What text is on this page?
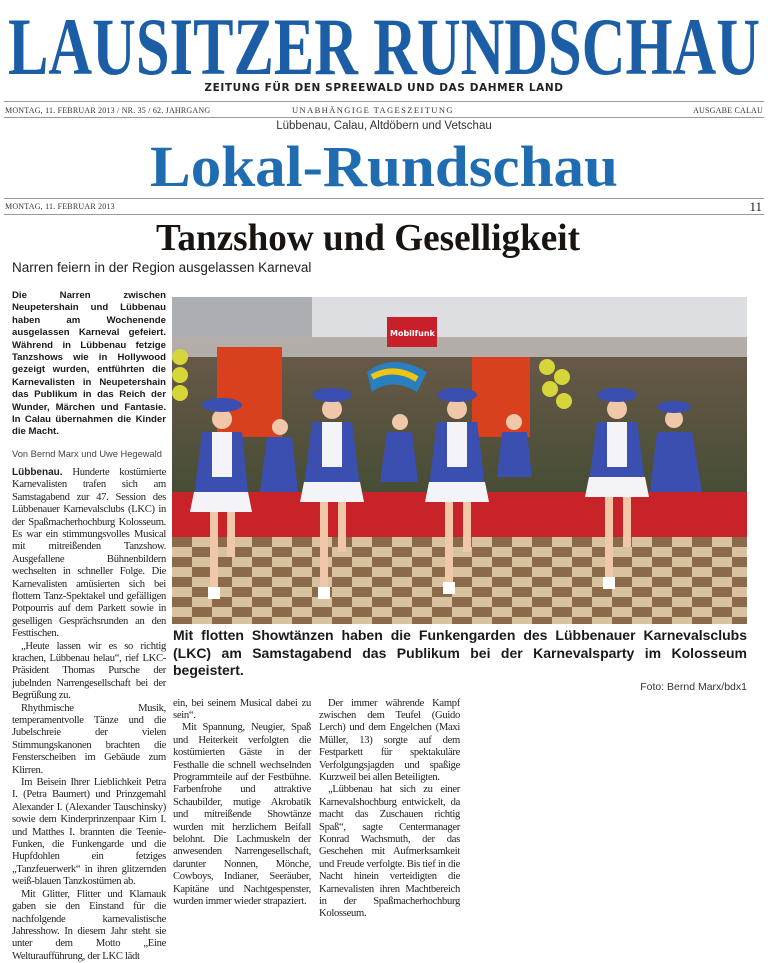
LAUSITZER RUNDSCHAU
ZEITUNG FÜR DEN SPREEWALD UND DAS DAHMER LAND
MONTAG, 11. FEBRUAR 2013 / NR. 35 / 62. JAHRGANG	UNABHÄNGIGE TAGESZEITUNG	AUSGABE CALAU
Lübbenau, Calau, Altdöbern und Vetschau
Lokal-Rundschau
MONTAG, 11. FEBRUAR 2013	11
Tanzshow und Geselligkeit
Narren feiern in der Region ausgelassen Karneval
Die Narren zwischen Neupetershain und Lübbenau haben am Wochenende ausgelassen Karneval gefeiert. Während in Lübbenau fetzige Tanzshows wie in Hollywood gezeigt wurden, entführten die Karnevalisten in Neupetershain das Publikum in das Reich der Wunder, Märchen und Fantasie. In Calau übernahmen die Kinder die Macht.
Von Bernd Marx und Uwe Hegewald

Lübbenau. Hunderte kostümierte Karnevalisten trafen sich am Samstagabend zur 47. Session des Lübbenauer Karnevalsclubs (LKC) in der Spaßmacherhochburg Kolosseum. Es war ein stimmungsvolles Musical mit mitreißenden Tanzshow. Ausgefallene Bühnenbildern wechselten in schneller Folge. Die Karnevalisten amüsierten sich bei flottem Tanz-Spektakel und gefälligen Potpourris auf dem Parkett sowie in geselligen Gesprächsrunden an den Festtischen.

„Heute lassen wir es so richtig krachen, Lübbenau helau“, rief LKC-Präsident Thomas Pursche der jubelnden Narrengesellschaft bei der Begrüßung zu.

Rhythmische Musik, temperamentvolle Tänze und die Jubelschreie der vielen Stimmungskanonen brachten die Fensterscheiben im Gebäude zum Klirren.

Im Beisein Ihrer Lieblichkeit Petra I. (Petra Baumert) und Prinzgemahl Alexander I. (Alexander Tauschinsky) sowie dem Kinderprinzenpaar Kim I. und Matthes I. brannten die Teenie-Funken, die Funkengarde und die Hupfdohlen ein fetziges „Tanzfeuerwerk“ in ihren glitzernden weiß-blauen Tanzkostümen ab.

Mit Glitter, Flitter und Klamauk gaben sie den Einstand für die nachfolgende karnevalistische Jahresshow. In diesem Jahr steht sie unter dem Motto „Eine Welturaufführung, der LKC lädt

Mobilfunk
Mit flotten Showtänzen haben die Funkengarden des Lübbenauer Karnevalsclubs (LKC) am Samstagabend das Publikum bei der Karnevalsparty im Kolosseum begeistert.
Foto: Bernd Marx/bdx1

ein, bei seinem Musical dabei zu sein“.

Mit Spannung, Neugier, Spaß und Heiterkeit verfolgten die kostümierten Gäste in der Festhalle die schnell wechselnden Programmteile auf der Festbühne. Farbenfrohe und attraktive Schaubilder, mutige Akrobatik und mitreißende Showtänze wurden mit herzlichem Beifall belohnt. Die Lachmuskeln der anwesenden Narrengesellschaft, darunter Nonnen, Mönche, Cowboys, Indianer, Seeräuber, Kapitäne und Nachtgespenster, wurden immer wieder strapaziert.

Der immer währende Kampf zwischen dem Teufel (Guido Lerch) und dem Engelchen (Maxi Müller, 13) sorgte auf dem Festparkett für spektakuläre Verfolgungsjagden und spaßige Kurzweil bei allen Beteiligten.

„Lübbenau hat sich zu einer Karnevalshochburg entwickelt, da macht das Zuschauen richtig Spaß“, sagte Centermanager Konrad Wachsmuth, der das Geschehen mit Aufmerksamkeit und Freude verfolgte. Bis tief in die Nacht hinein verteidigten die Karnevalisten ihren Machtbereich in der Spaßmacherhochburg Kolosseum.
